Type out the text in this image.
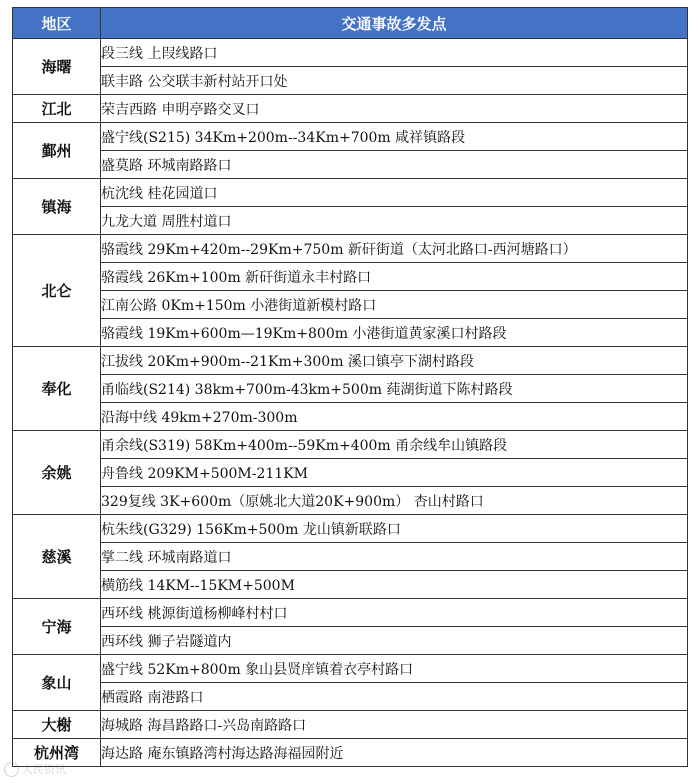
地区	交通事故多发点
海曙	段三线 上叚线路口
	联丰路 公交联丰新村站开口处
江北	荣吉西路 申明亭路交叉口
鄞州	盛宁线(S215) 34Km+200m--34Km+700m 咸祥镇路段
	盛莫路 环城南路路口
镇海	杭沈线 桂花园道口
	九龙大道 周胜村道口
北仑	骆霞线 29Km+420m--29Km+750m 新矸街道（太河北路口-西河塘路口）
	骆霞线 26Km+100m 新矸街道永丰村路口
	江南公路 0Km+150m 小港街道新模村路口
	骆霞线 19Km+600m—19Km+800m 小港街道黄家溪口村路段
奉化	江拔线 20Km+900m--21Km+300m 溪口镇亭下湖村路段
	甬临线(S214) 38km+700m-43km+500m 莼湖街道下陈村路段
	沿海中线 49km+270m-300m
余姚	甬余线(S319) 58Km+400m--59Km+400m 甬余线牟山镇路段
	舟鲁线 209KM+500M-211KM
	329复线 3K+600m（原姚北大道20K+900m） 杏山村路口
慈溪	杭朱线(G329) 156Km+500m 龙山镇新联路口
	掌二线 环城南路道口
	横筋线 14KM--15KM+500M
宁海	西环线 桃源街道杨柳峰村村口
	西环线 狮子岩隧道内
象山	盛宁线 52Km+800m 象山县贤庠镇着衣亭村路口
	栖霞路 南港路口
大榭	海城路 海昌路路口-兴岛南路路口
杭州湾	海达路 庵东镇路湾村海达路海福园附近
人民资讯
